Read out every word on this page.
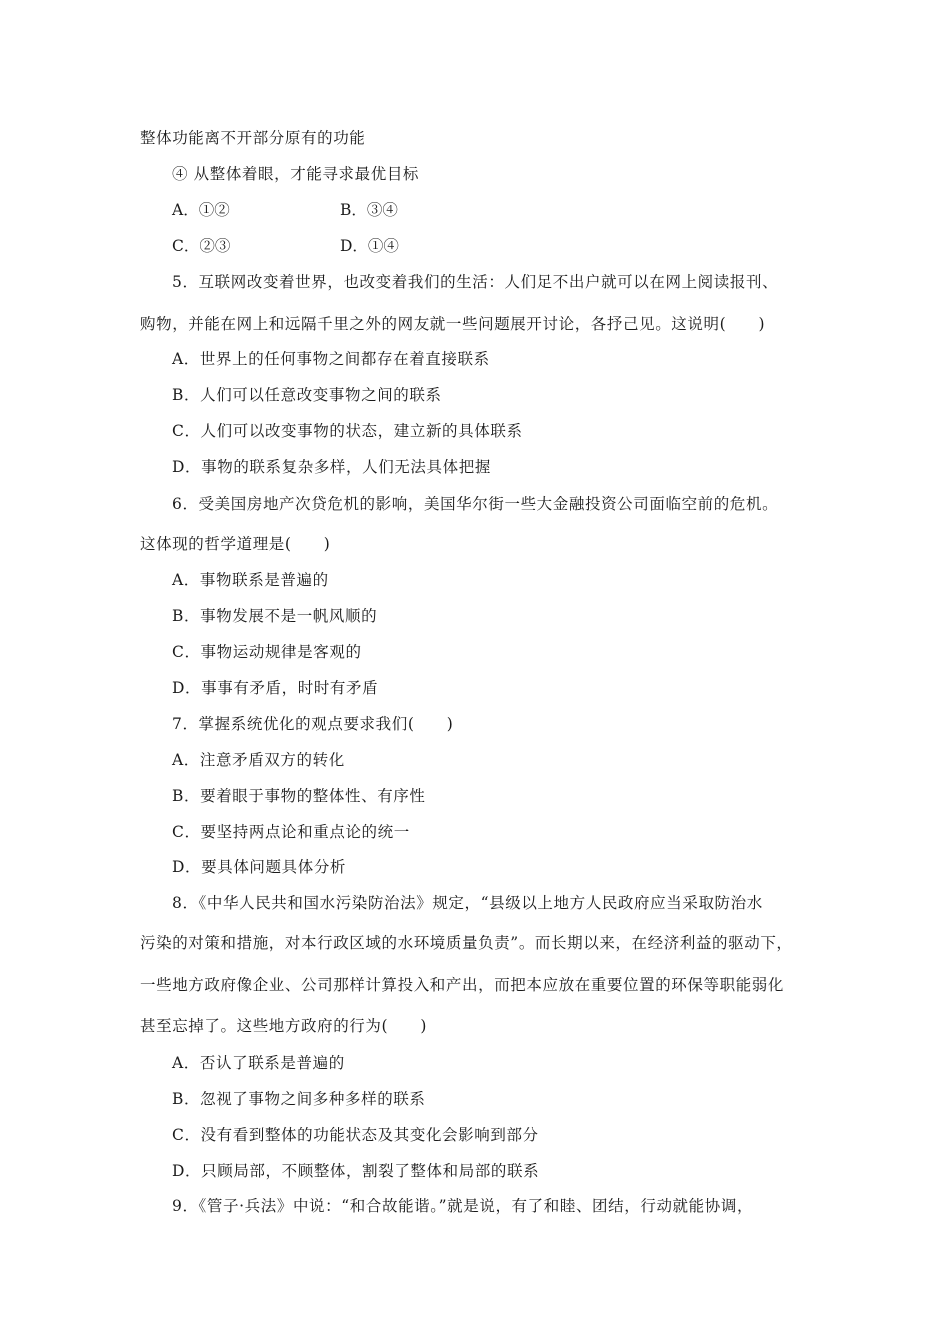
整体功能离不开部分原有的功能
④ 从整体着眼，才能寻求最优目标
A．①②	B．③④
C．②③	D．①④
5．互联网改变着世界，也改变着我们的生活：人们足不出户就可以在网上阅读报刊、
购物，并能在网上和远隔千里之外的网友就一些问题展开讨论，各抒己见。这说明(　　)
A．世界上的任何事物之间都存在着直接联系
B．人们可以任意改变事物之间的联系
C．人们可以改变事物的状态，建立新的具体联系
D．事物的联系复杂多样，人们无法具体把握
6．受美国房地产次贷危机的影响，美国华尔街一些大金融投资公司面临空前的危机。
这体现的哲学道理是(　　)
A．事物联系是普遍的
B．事物发展不是一帆风顺的
C．事物运动规律是客观的
D．事事有矛盾，时时有矛盾
7．掌握系统优化的观点要求我们(　　)
A．注意矛盾双方的转化
B．要着眼于事物的整体性、有序性
C．要坚持两点论和重点论的统一
D．要具体问题具体分析
8．《中华人民共和国水污染防治法》规定，“县级以上地方人民政府应当采取防治水
污染的对策和措施，对本行政区域的水环境质量负责”。而长期以来，在经济利益的驱动下，
一些地方政府像企业、公司那样计算投入和产出，而把本应放在重要位置的环保等职能弱化
甚至忘掉了。这些地方政府的行为(　　)
A．否认了联系是普遍的
B．忽视了事物之间多种多样的联系
C．没有看到整体的功能状态及其变化会影响到部分
D．只顾局部，不顾整体，割裂了整体和局部的联系
9．《管子·兵法》中说：“和合故能谐。”就是说，有了和睦、团结，行动就能协调，
